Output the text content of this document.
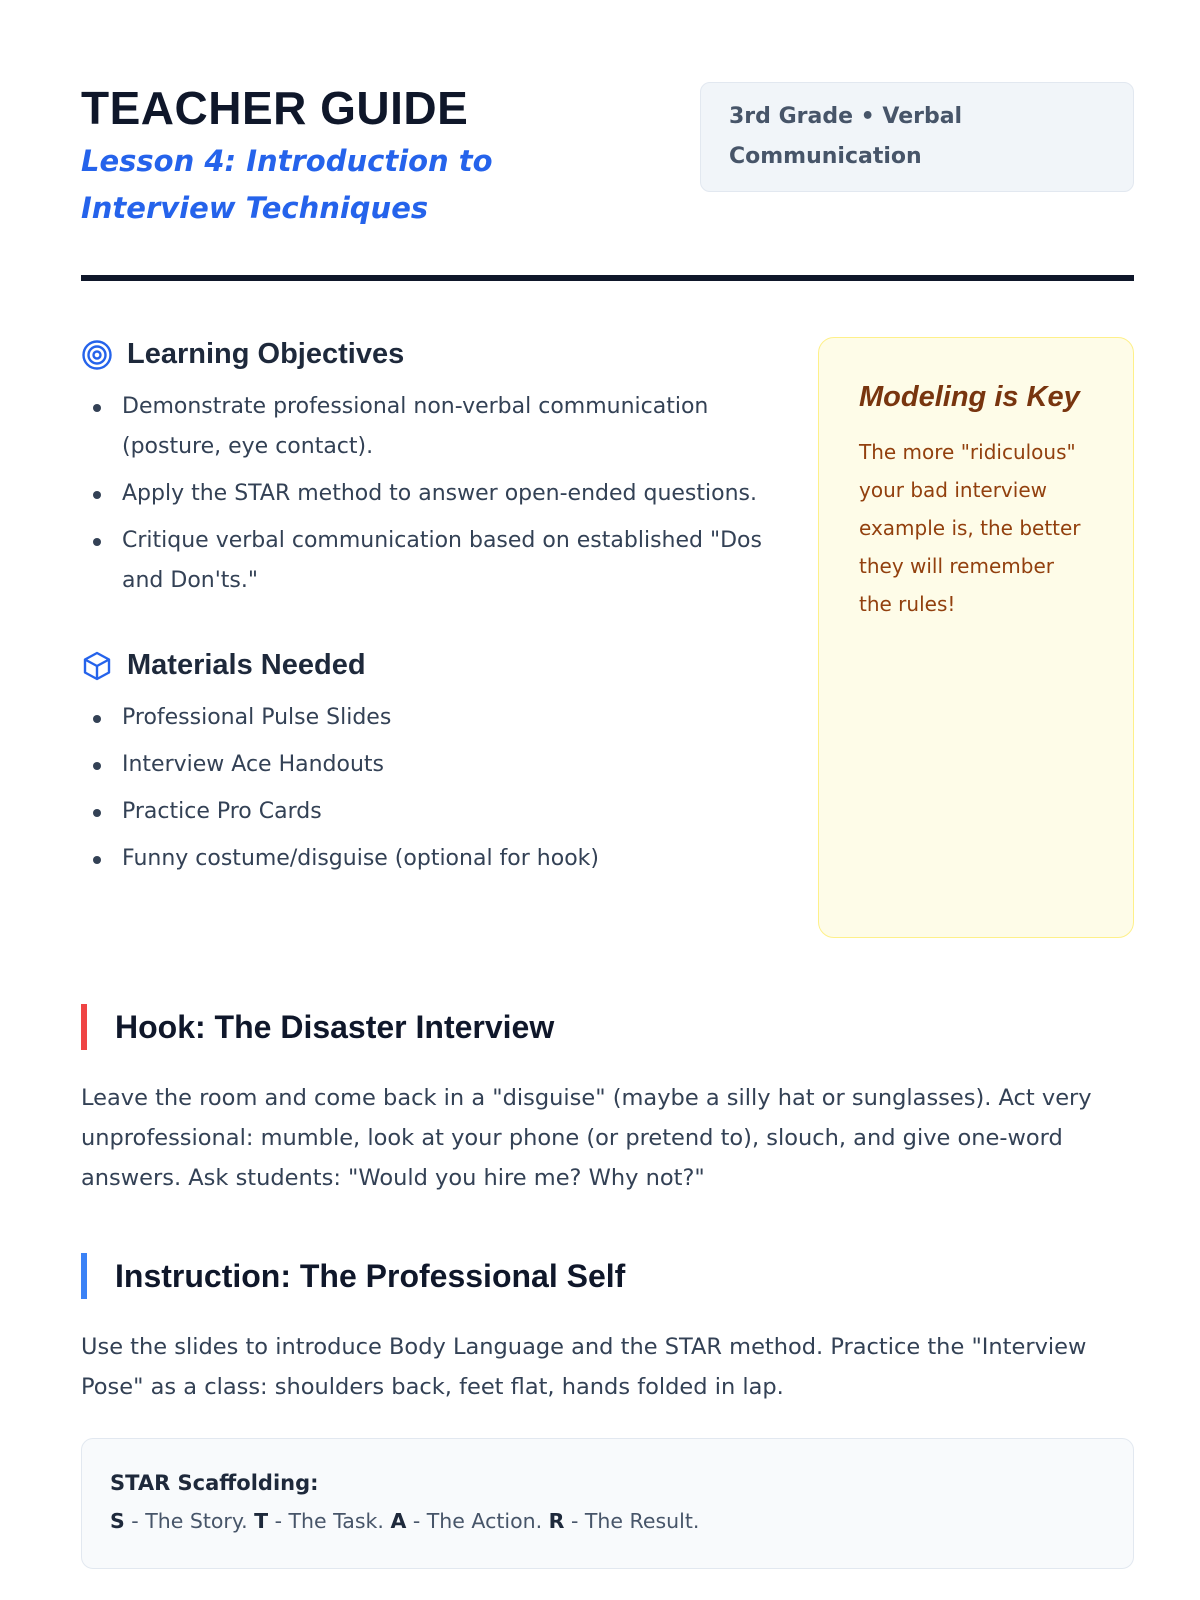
TEACHER GUIDE
Lesson 4: Introduction to Interview Techniques
3rd Grade • Verbal Communication
Learning Objectives
Demonstrate professional non-verbal communication (posture, eye contact).
Apply the STAR method to answer open-ended questions.
Critique verbal communication based on established "Dos and Don'ts."
Materials Needed
Professional Pulse Slides
Interview Ace Handouts
Practice Pro Cards
Funny costume/disguise (optional for hook)
Modeling is Key
The more "ridiculous" your bad interview example is, the better they will remember the rules!
Hook: The Disaster Interview
Leave the room and come back in a "disguise" (maybe a silly hat or sunglasses). Act very unprofessional: mumble, look at your phone (or pretend to), slouch, and give one-word answers. Ask students: "Would you hire me? Why not?"
Instruction: The Professional Self
Use the slides to introduce Body Language and the STAR method. Practice the "Interview Pose" as a class: shoulders back, feet flat, hands folded in lap.
STAR Scaffolding:
S - The Story. T - The Task. A - The Action. R - The Result.
